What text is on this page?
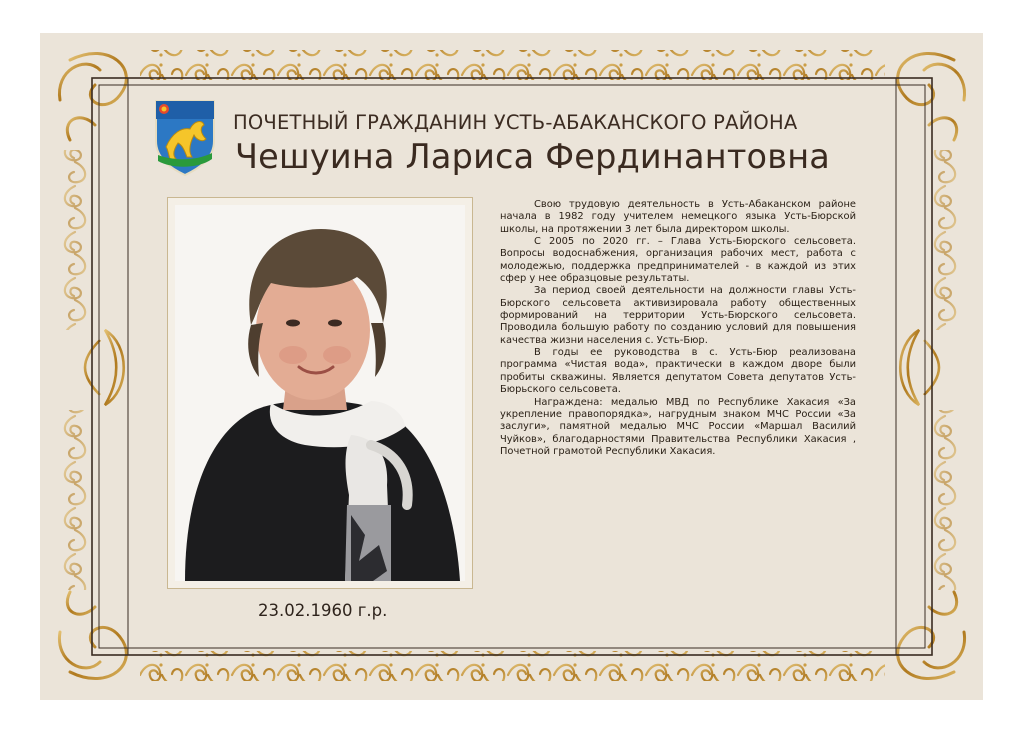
ПОЧЕТНЫЙ ГРАЖДАНИН УСТЬ-АБАКАНСКОГО РАЙОНА
Чешуина Лариса Фердинантовна
23.02.1960 г.р.

Свою трудовую деятельность в Усть-Абаканском районе начала в 1982 году учителем немецкого языка Усть-Бюрской школы, на протяжении 3 лет была директором школы.

С 2005 по 2020 гг. – Глава Усть-Бюрского сельсовета. Вопросы водоснабжения, организация рабочих мест, работа с молодежью, поддержка предпринимателей - в каждой из этих сфер у нее образцовые результаты.

За период своей деятельности на должности главы Усть-Бюрского сельсовета активизировала работу общественных формирований на территории Усть-Бюрского сельсовета. Проводила большую работу по созданию условий для повышения качества жизни населения с. Усть-Бюр.

В годы ее руководства в с. Усть-Бюр реализована программа «Чистая вода», практически в каждом дворе были пробиты скважины. Является депутатом Совета депутатов Усть-Бюрьского сельсовета.

Награждена: медалью МВД по Республике Хакасия «За укрепление правопорядка», нагрудным знаком МЧС России «За заслуги», памятной медалью МЧС России «Маршал Василий Чуйков», благодарностями Правительства Республики Хакасия , Почетной грамотой Республики Хакасия.
